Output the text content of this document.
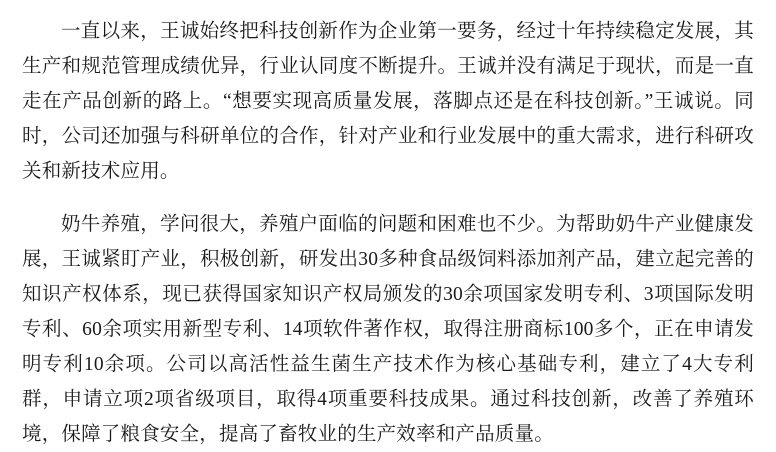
一直以来，王诚始终把科技创新作为企业第一要务，经过十年持续稳定发展，其生产和规范管理成绩优异，行业认同度不断提升。王诚并没有满足于现状，而是一直走在产品创新的路上。“想要实现高质量发展，落脚点还是在科技创新。”王诚说。同时，公司还加强与科研单位的合作，针对产业和行业发展中的重大需求，进行科研攻关和新技术应用。

奶牛养殖，学问很大，养殖户面临的问题和困难也不少。为帮助奶牛产业健康发展，王诚紧盯产业，积极创新，研发出30多种食品级饲料添加剂产品，建立起完善的知识产权体系，现已获得国家知识产权局颁发的30余项国家发明专利、3项国际发明专利、60余项实用新型专利、14项软件著作权，取得注册商标100多个，正在申请发明专利10余项。公司以高活性益生菌生产技术作为核心基础专利，建立了4大专利群，申请立项2项省级项目，取得4项重要科技成果。通过科技创新，改善了养殖环境，保障了粮食安全，提高了畜牧业的生产效率和产品质量。
